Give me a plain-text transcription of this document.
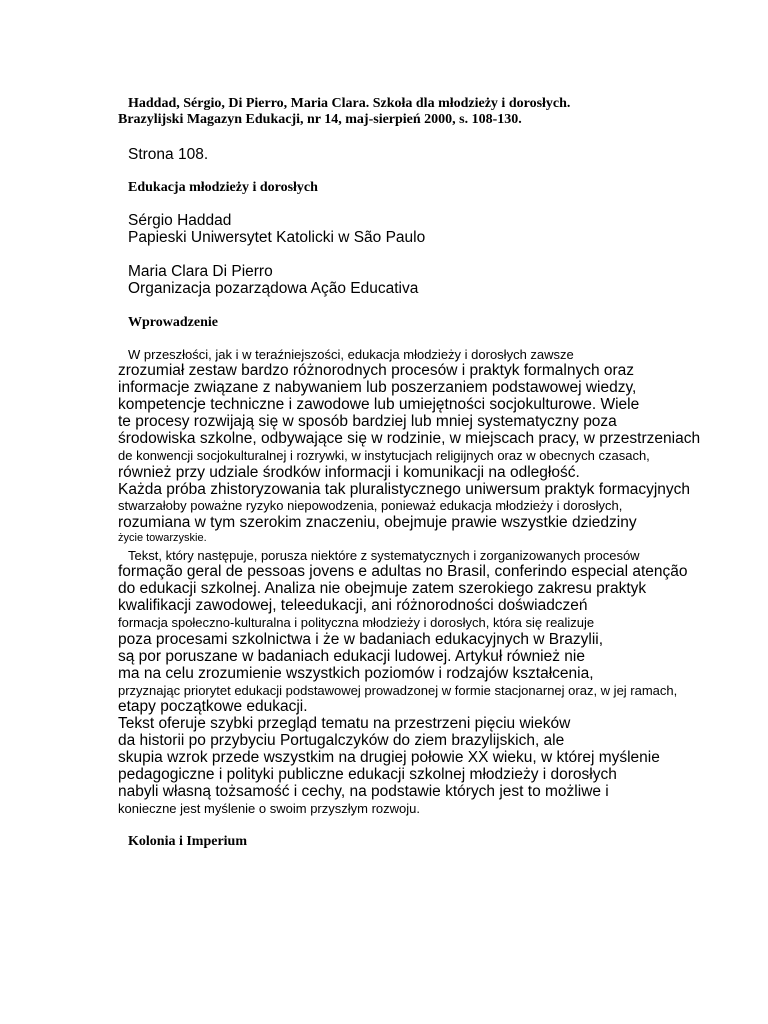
Haddad, Sérgio, Di Pierro, Maria Clara. Szkoła dla młodzieży i dorosłych.

Brazylijski Magazyn Edukacji, nr 14, maj-sierpień 2000, s. 108-130.

Strona 108.

Edukacja młodzieży i dorosłych

Sérgio Haddad

Papieski Uniwersytet Katolicki w São Paulo

Maria Clara Di Pierro

Organizacja pozarządowa Ação Educativa

Wprowadzenie

W przeszłości, jak i w teraźniejszości, edukacja młodzieży i dorosłych zawsze

zrozumiał zestaw bardzo różnorodnych procesów i praktyk formalnych oraz

informacje związane z nabywaniem lub poszerzaniem podstawowej wiedzy,

kompetencje techniczne i zawodowe lub umiejętności socjokulturowe. Wiele

te procesy rozwijają się w sposób bardziej lub mniej systematyczny poza

środowiska szkolne, odbywające się w rodzinie, w miejscach pracy, w przestrzeniach

de konwencji socjokulturalnej i rozrywki, w instytucjach religijnych oraz w obecnych czasach,

również przy udziale środków informacji i komunikacji na odległość.

Każda próba zhistoryzowania tak pluralistycznego uniwersum praktyk formacyjnych

stwarzałoby poważne ryzyko niepowodzenia, ponieważ edukacja młodzieży i dorosłych,

rozumiana w tym szerokim znaczeniu, obejmuje prawie wszystkie dziedziny

życie towarzyskie.

Tekst, który następuje, porusza niektóre z systematycznych i zorganizowanych procesów

formação geral de pessoas jovens e adultas no Brasil, conferindo especial atenção

do edukacji szkolnej. Analiza nie obejmuje zatem szerokiego zakresu praktyk

kwalifikacji zawodowej, teleedukacji, ani różnorodności doświadczeń

formacja społeczno-kulturalna i polityczna młodzieży i dorosłych, która się realizuje

poza procesami szkolnictwa i że w badaniach edukacyjnych w Brazylii,

są por poruszane w badaniach edukacji ludowej. Artykuł również nie

ma na celu zrozumienie wszystkich poziomów i rodzajów kształcenia,

przyznając priorytet edukacji podstawowej prowadzonej w formie stacjonarnej oraz, w jej ramach,

etapy początkowe edukacji.

Tekst oferuje szybki przegląd tematu na przestrzeni pięciu wieków

da historii po przybyciu Portugalczyków do ziem brazylijskich, ale

skupia wzrok przede wszystkim na drugiej połowie XX wieku, w której myślenie

pedagogiczne i polityki publiczne edukacji szkolnej młodzieży i dorosłych

nabyli własną tożsamość i cechy, na podstawie których jest to możliwe i

konieczne jest myślenie o swoim przyszłym rozwoju.

Kolonia i Imperium
